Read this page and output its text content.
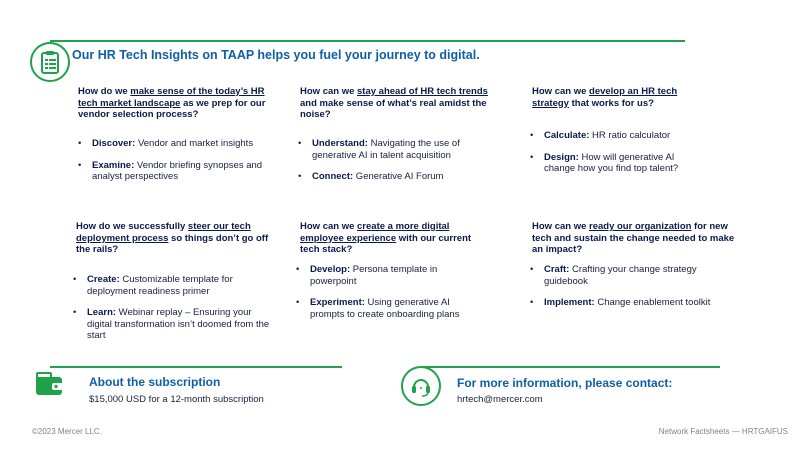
Our HR Tech Insights on TAAP helps you fuel your journey to digital.
How do we make sense of the today’s HR tech market landscape as we prep for our vendor selection process?
• Discover: Vendor and market insights
• Examine: Vendor briefing synopses and analyst perspectives
How can we stay ahead of HR tech trends and make sense of what’s real amidst the noise?
• Understand: Navigating the use of generative AI in talent acquisition
• Connect: Generative AI Forum
How can we develop an HR tech strategy that works for us?
• Calculate: HR ratio calculator
• Design: How will generative AI change how you find top talent?
How do we successfully steer our tech deployment process so things don’t go off the rails?
• Create: Customizable template for deployment readiness primer
• Learn: Webinar replay – Ensuring your digital transformation isn’t doomed from the start
How can we create a more digital employee experience with our current tech stack?
• Develop: Persona template in powerpoint
• Experiment: Using generative AI prompts to create onboarding plans
How can we ready our organization for new tech and sustain the change needed to make an impact?
• Craft: Crafting your change strategy guidebook
• Implement: Change enablement toolkit
About the subscription
$15,000 USD for a 12-month subscription
For more information, please contact:
hrtech@mercer.com
©2023 Mercer LLC.	Network Factsheets — HRTGAIFUS
